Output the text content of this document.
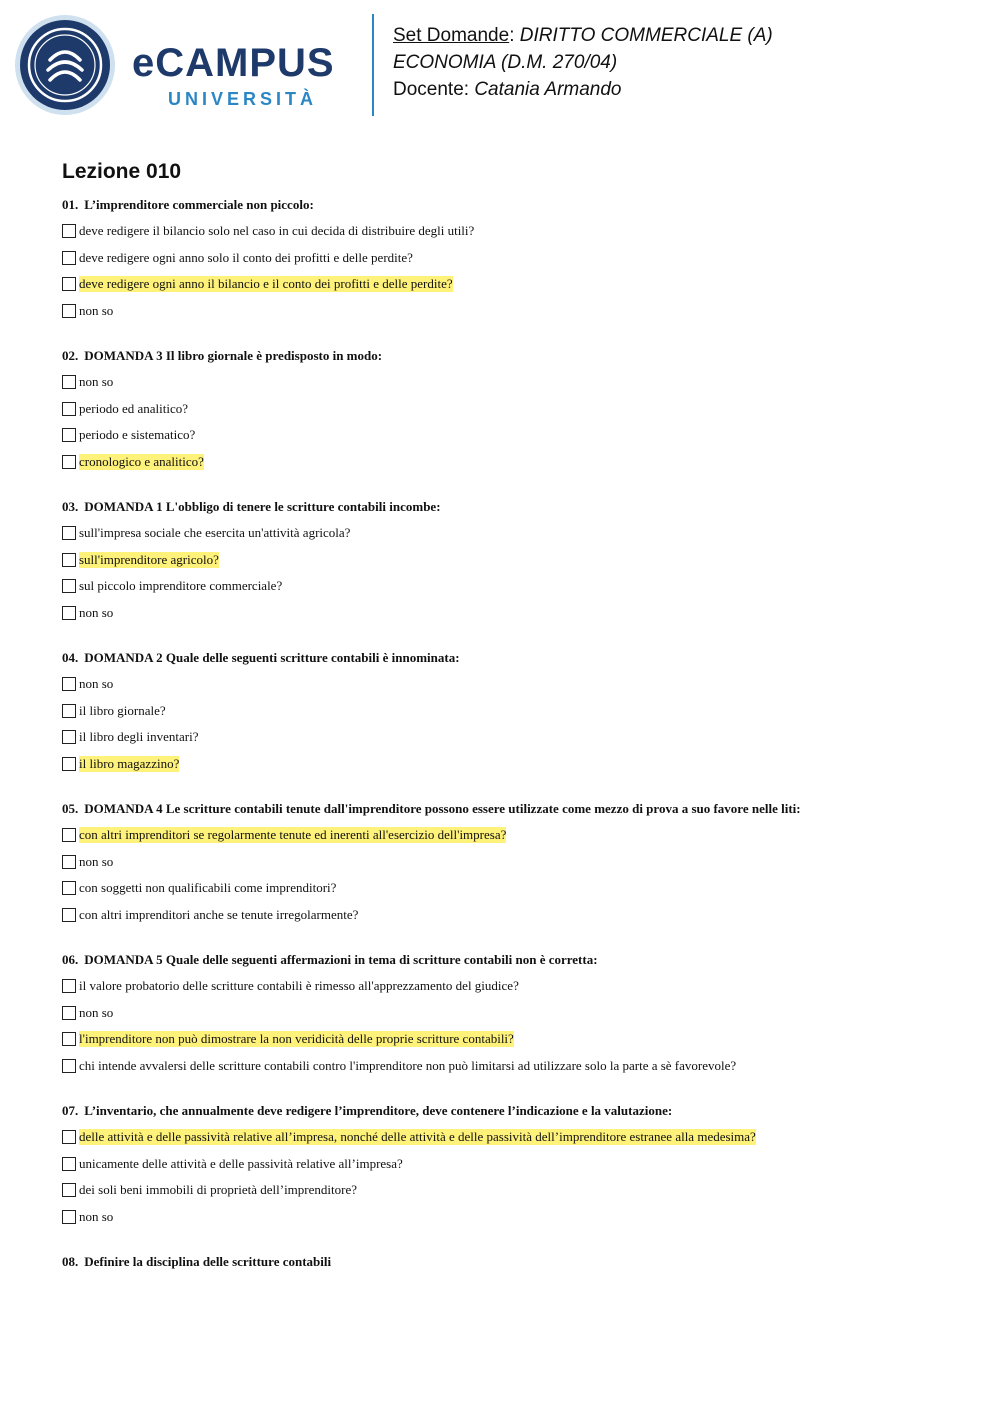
eCAMPUS
UNIVERSITÀ
Set Domande: DIRITTO COMMERCIALE (A)
ECONOMIA (D.M. 270/04)
Docente: Catania Armando
Lezione 010
01. L’imprenditore commerciale non piccolo:
deve redigere il bilancio solo nel caso in cui decida di distribuire degli utili?
deve redigere ogni anno solo il conto dei profitti e delle perdite?
deve redigere ogni anno il bilancio e il conto dei profitti e delle perdite?
non so
02. DOMANDA 3 Il libro giornale è predisposto in modo:
non so
periodo ed analitico?
periodo e sistematico?
cronologico e analitico?
03. DOMANDA 1 L'obbligo di tenere le scritture contabili incombe:
sull'impresa sociale che esercita un'attività agricola?
sull'imprenditore agricolo?
sul piccolo imprenditore commerciale?
non so
04. DOMANDA 2 Quale delle seguenti scritture contabili è innominata:
non so
il libro giornale?
il libro degli inventari?
il libro magazzino?
05. DOMANDA 4 Le scritture contabili tenute dall'imprenditore possono essere utilizzate come mezzo di prova a suo favore nelle liti:
con altri imprenditori se regolarmente tenute ed inerenti all'esercizio dell'impresa?
non so
con soggetti non qualificabili come imprenditori?
con altri imprenditori anche se tenute irregolarmente?
06. DOMANDA 5 Quale delle seguenti affermazioni in tema di scritture contabili non è corretta:
il valore probatorio delle scritture contabili è rimesso all'apprezzamento del giudice?
non so
l'imprenditore non può dimostrare la non veridicità delle proprie scritture contabili?
chi intende avvalersi delle scritture contabili contro l'imprenditore non può limitarsi ad utilizzare solo la parte a sè favorevole?
07. L’inventario, che annualmente deve redigere l’imprenditore, deve contenere l’indicazione e la valutazione:
delle attività e delle passività relative all’impresa, nonché delle attività e delle passività dell’imprenditore estranee alla medesima?
unicamente delle attività e delle passività relative all’impresa?
dei soli beni immobili di proprietà dell’imprenditore?
non so
08. Definire la disciplina delle scritture contabili
